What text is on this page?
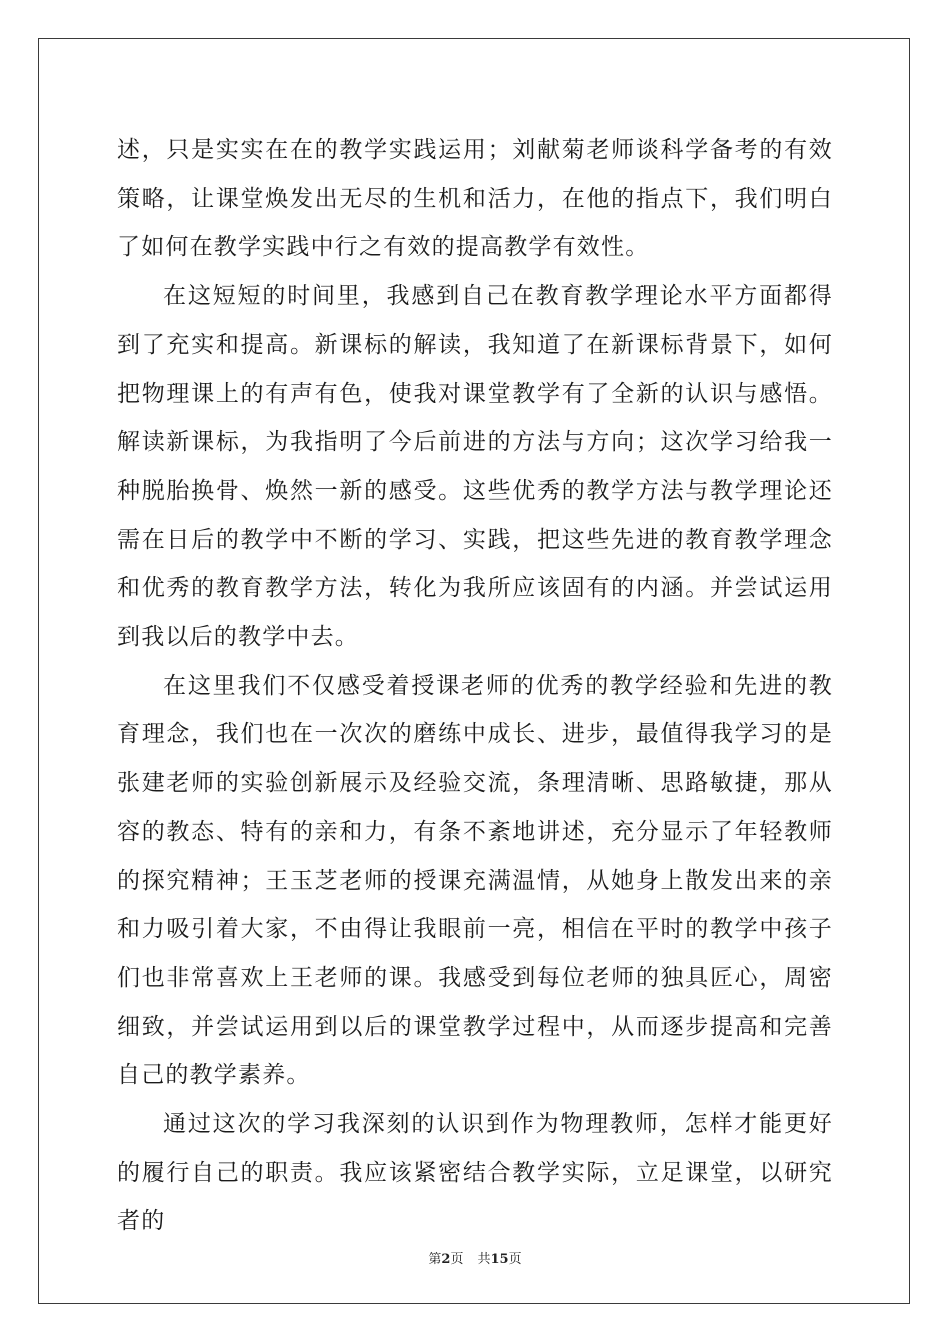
述，只是实实在在的教学实践运用；刘献菊老师谈科学备考的有效策略，让课堂焕发出无尽的生机和活力，在他的指点下，我们明白了如何在教学实践中行之有效的提高教学有效性。

在这短短的时间里，我感到自己在教育教学理论水平方面都得到了充实和提高。新课标的解读，我知道了在新课标背景下，如何把物理课上的有声有色，使我对课堂教学有了全新的认识与感悟。解读新课标，为我指明了今后前进的方法与方向；这次学习给我一种脱胎换骨、焕然一新的感受。这些优秀的教学方法与教学理论还需在日后的教学中不断的学习、实践，把这些先进的教育教学理念和优秀的教育教学方法，转化为我所应该固有的内涵。并尝试运用到我以后的教学中去。

在这里我们不仅感受着授课老师的优秀的教学经验和先进的教育理念，我们也在一次次的磨练中成长、进步，最值得我学习的是张建老师的实验创新展示及经验交流，条理清晰、思路敏捷，那从容的教态、特有的亲和力，有条不紊地讲述，充分显示了年轻教师的探究精神；王玉芝老师的授课充满温情，从她身上散发出来的亲和力吸引着大家，不由得让我眼前一亮，相信在平时的教学中孩子们也非常喜欢上王老师的课。我感受到每位老师的独具匠心，周密细致，并尝试运用到以后的课堂教学过程中，从而逐步提高和完善自己的教学素养。

通过这次的学习我深刻的认识到作为物理教师，怎样才能更好的履行自己的职责。我应该紧密结合教学实际，立足课堂，以研究者的

第2页 共15页
